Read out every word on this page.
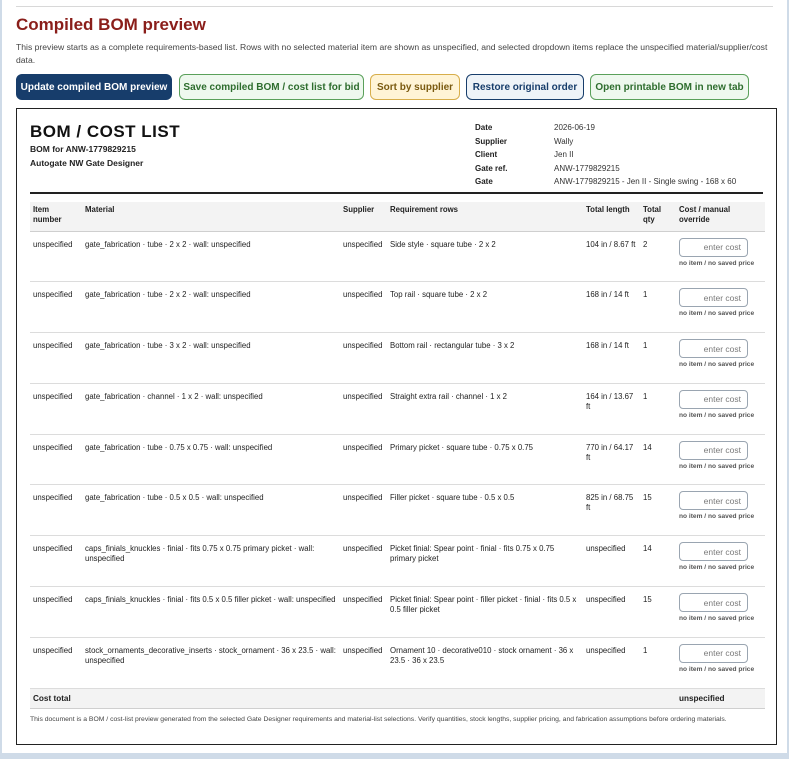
Compiled BOM preview

This preview starts as a complete requirements-based list. Rows with no selected material item are shown as unspecified, and selected dropdown items replace the unspecified material/supplier/cost data.

Update compiled BOM preview	Save compiled BOM / cost list for bid	Sort by supplier	Restore original order	Open printable BOM in new tab
BOM / COST LIST
BOM for ANW-1779829215
Autogate NW Gate Designer
Date	2026-06-19
Supplier	Wally
Client	Jen II
Gate ref.	ANW-1779829215
Gate	ANW-1779829215 - Jen II - Single swing - 168 x 60
Item number	Material	Supplier	Requirement rows	Total length	Total qty	Cost / manual override
unspecified	gate_fabrication · tube · 2 x 2 · wall: unspecified	unspecified	Side style · square tube · 2 x 2	104 in / 8.67 ft	2	
enter cost
no item / no saved price

unspecified	gate_fabrication · tube · 2 x 2 · wall: unspecified	unspecified	Top rail · square tube · 2 x 2	168 in / 14 ft	1	
enter cost
no item / no saved price

unspecified	gate_fabrication · tube · 3 x 2 · wall: unspecified	unspecified	Bottom rail · rectangular tube · 3 x 2	168 in / 14 ft	1	
enter cost
no item / no saved price

unspecified	gate_fabrication · channel · 1 x 2 · wall: unspecified	unspecified	Straight extra rail · channel · 1 x 2	164 in / 13.67 ft	1	
enter cost
no item / no saved price

unspecified	gate_fabrication · tube · 0.75 x 0.75 · wall: unspecified	unspecified	Primary picket · square tube · 0.75 x 0.75	770 in / 64.17 ft	14	
enter cost
no item / no saved price

unspecified	gate_fabrication · tube · 0.5 x 0.5 · wall: unspecified	unspecified	Filler picket · square tube · 0.5 x 0.5	825 in / 68.75 ft	15	
enter cost
no item / no saved price

unspecified	caps_finials_knuckles · finial · fits 0.75 x 0.75 primary picket · wall: unspecified	unspecified	Picket finial: Spear point · finial · fits 0.75 x 0.75 primary picket	unspecified	14	
enter cost
no item / no saved price

unspecified	caps_finials_knuckles · finial · fits 0.5 x 0.5 filler picket · wall: unspecified	unspecified	Picket finial: Spear point · filler picket · finial · fits 0.5 x 0.5 filler picket	unspecified	15	
enter cost
no item / no saved price

unspecified	stock_ornaments_decorative_inserts · stock_ornament · 36 x 23.5 · wall: unspecified	unspecified	Ornament 10 · decorative010 · stock ornament · 36 x 23.5 · 36 x 23.5	unspecified	1	
enter cost
no item / no saved price

Cost total						unspecified
This document is a BOM / cost-list preview generated from the selected Gate Designer requirements and material-list selections. Verify quantities, stock lengths, supplier pricing, and fabrication assumptions before ordering materials.
